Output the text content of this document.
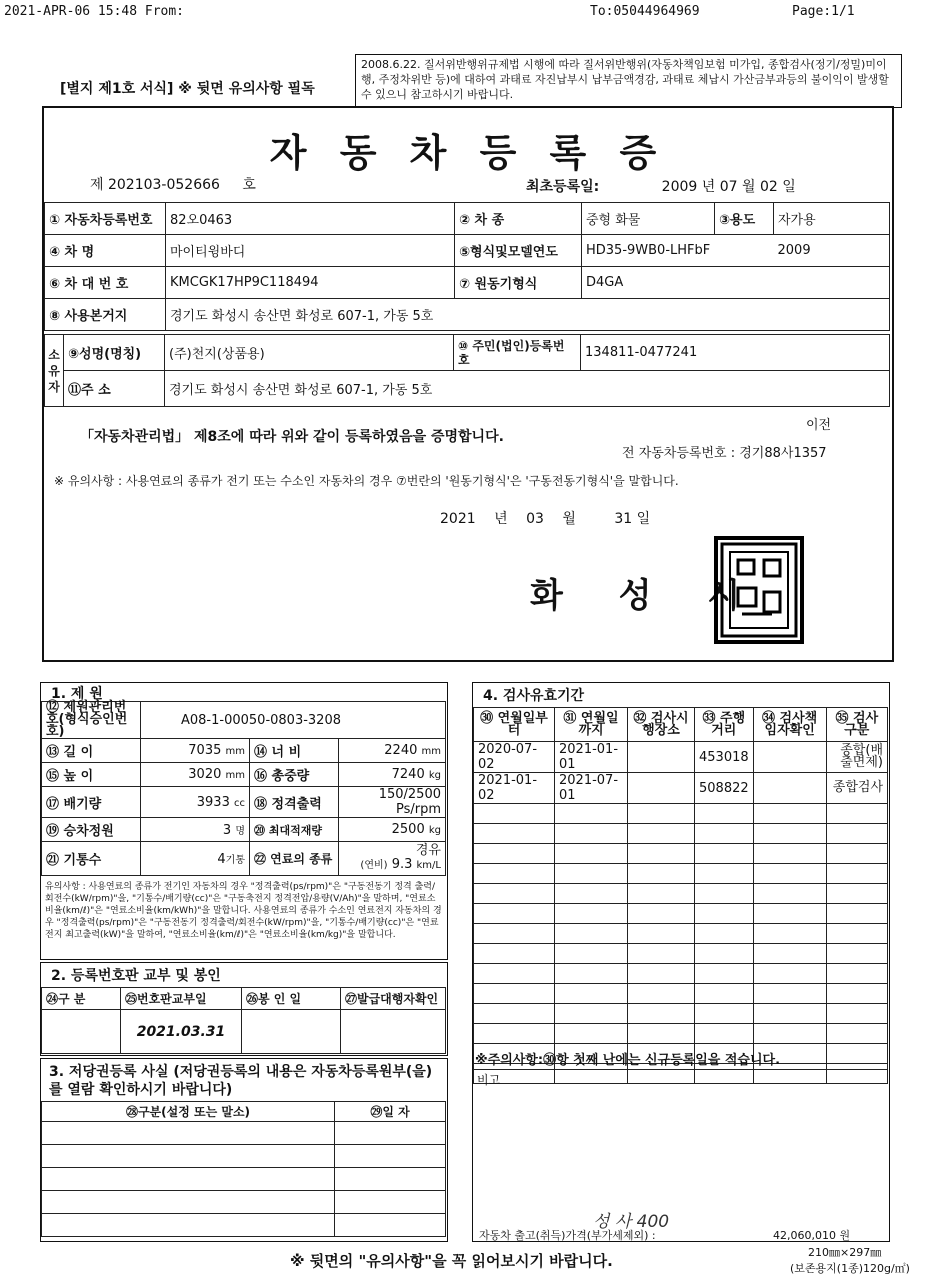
2021-APR-06 15:48 From:	To:05044964969	Page:1/1
[별지 제1호 서식] ※ 뒷면 유의사항 필독
2008.6.22. 질서위반행위규제법 시행에 따라 질서위반행위(자동차책임보험 미가입, 종합검사(정기/정밀)미이행, 주정차위반 등)에 대하여 과태료 자진납부시 납부금액경감, 과태료 체납시 가산금부과등의 불이익이 발생할 수 있으니 참고하시기 바랍니다.
자 동 차 등 록 증
제 202103-052666 호	최초등록일:	2009 년 07 월 02 일
① 자동차등록번호	82오0463	② 차 종	중형 화물	③용도	자가용
④ 차 명	마이티윙바디	⑤형식및모델연도	HD35-9WB0-LHFbF		2009
⑥ 차 대 번 호	KMCGK17HP9C118494	⑦ 원동기형식	D4GA		
⑧ 사용본거지	경기도 화성시 송산면 화성로 607-1, 가동 5호				
소유자	⑨성명(명칭)	(주)천지(상품용)	⑩ 주민(법인)등록번호	134811-0477241
	⑪주 소	경기도 화성시 송산면 화성로 607-1, 가동 5호		
「자동차관리법」 제8조에 따라 위와 같이 등록하였음을 증명합니다.
이전
전 자동차등록번호 : 경기88사1357
※ 유의사항 : 사용연료의 종류가 전기 또는 수소인 자동차의 경우 ⑦번란의 '원동기형식'은 '구동전동기형식'을 말합니다.
2021 년 03 월	31 일
화 성 시
1. 제 원
⑫ 제원관리번호(형식승인번호)	A08-1-00050-0803-3208		
⑬ 길 이	7035 mm	⑭ 너 비	2240 mm
⑮ 높 이	3020 mm	⑯ 총중량	7240 kg
⑰ 배기량	3933 cc	⑱ 정격출력	150/2500 Ps/rpm
⑲ 승차정원	3 명	⑳ 최대적재량	2500 kg
㉑ 기통수	4기통	㉒ 연료의 종류	경유
(연비) 9.3 km/L
유의사항 : 사용연료의 종류가 전기인 자동차의 경우 "정격출력(ps/rpm)"은 "구동전동기 정격 출력/회전수(kW/rpm)"을, "기통수/배기량(cc)"은 "구동축전지 정격전압/용량(V/Ah)"을 말하며, "연료소비율(km/ℓ)"은 "연료소비율(km/kWh)"을 말합니다. 사용연료의 종류가 수소인 연료전지 자동차의 경우 "정격출력(ps/rpm)"은 "구동전동기 정격출력/회전수(kW/rpm)"을, "기통수/배기량(cc)"은 "연료전지 최고출력(kW)"을 말하여, "연료소비율(km/ℓ)"은 "연료소비율(km/kg)"을 말합니다.
2. 등록번호판 교부 및 봉인
㉔구 분	㉕번호판교부일	㉖봉 인 일	㉗발급대행자확인
	2021.03.31		
3. 저당권등록 사실 (저당권등록의 내용은 자동차등록원부(을)를 열람 확인하시기 바랍니다)
㉘구분(설정 또는 말소)	㉙일 자

4. 검사유효기간
㉚ 연월일부터	㉛ 연월일까지	㉜ 검사시행장소	㉝ 주행거리	㉞ 검사책임자확인	㉟ 검사구분
2020-07-02	2021-01-01		453018		종합(배출면제)
2021-01-02	2021-07-01		508822		종합검사

※주의사항:㉚항 첫째 난에는 신규등록일을 적습니다.
비고
성 사 400
자동차 출고(취득)가격(부가세제외) :	42,060,010 원
※ 뒷면의 "유의사항"을 꼭 읽어보시기 바랍니다.	210㎜×297㎜
(보존용지(1종)120g/㎡)
